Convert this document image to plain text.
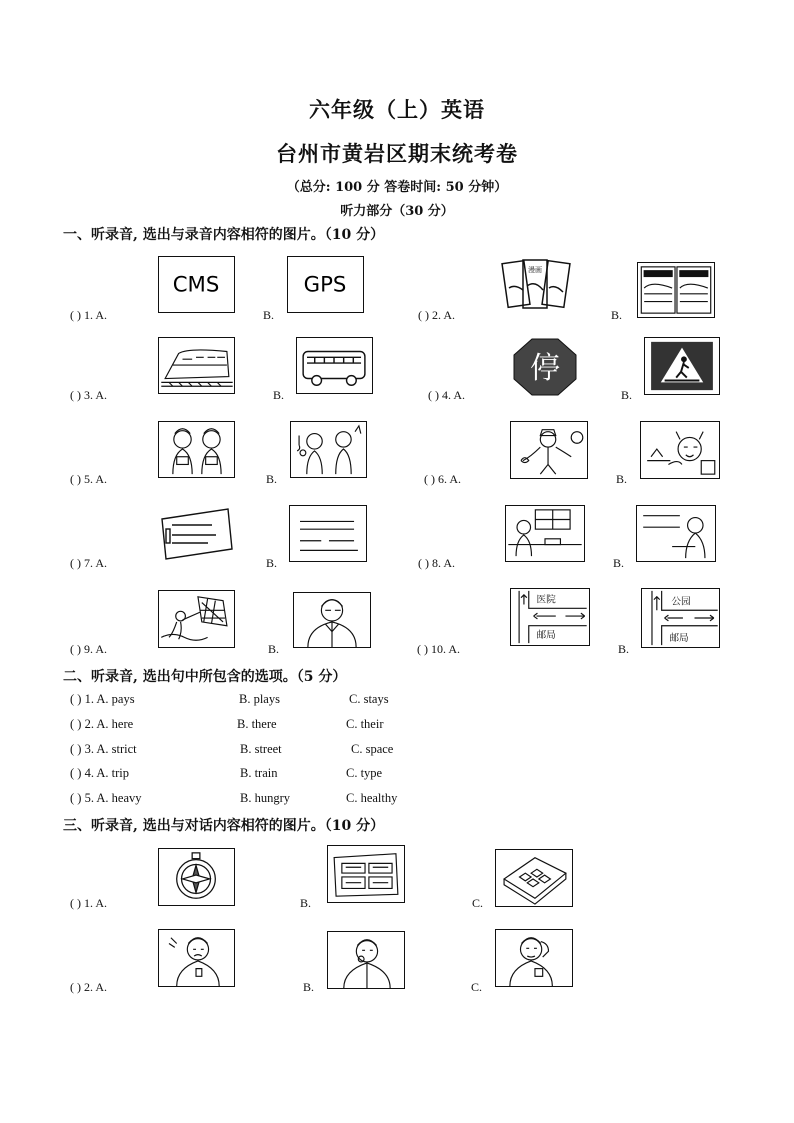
六年级（上）英语
台州市黄岩区期末统考卷
（总分: 100 分 答卷时间: 50 分钟）
听力部分（30 分）
一、听录音, 选出与录音内容相符的图片。（10 分）
( ) 1. A.
CMS
B.
GPS
( ) 2. A.
漫画
B.
( ) 3. A.	B.	( ) 4. A.
停
B.
( ) 5. A.	B.	( ) 6. A.	B.
( ) 7. A.	B.	( ) 8. A.	B.
( ) 9. A.	B.	( ) 10. A.
医院
邮局
B.
公园
邮局
二、听录音, 选出句中所包含的选项。（5 分）
( ) 1. A. pays	B. plays	C. stays
( ) 2. A. here	B. there	C. their
( ) 3. A. strict	B. street	C. space
( ) 4. A. trip	B. train	C. type
( ) 5. A. heavy	B. hungry	C. healthy
三、听录音, 选出与对话内容相符的图片。（10 分）
( ) 1. A.	B.	C.
( ) 2. A.	B.	C.
